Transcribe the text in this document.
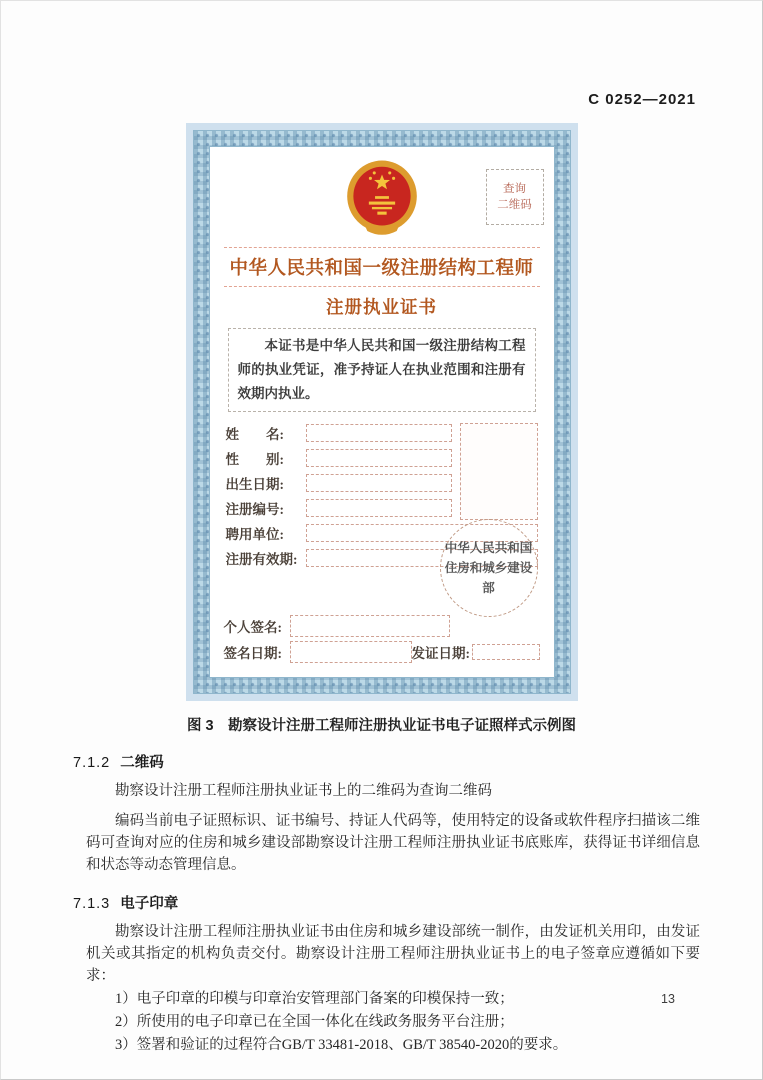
C 0252—2021
查询
二维码
中华人民共和国一级注册结构工程师
注册执业证书
本证书是中华人民共和国一级注册结构工程师的执业凭证，准予持证人在执业范围和注册有效期内执业。
姓　　名:
性　　别:
出生日期:
注册编号:
聘用单位:
注册有效期:
中华人民共和国
住房和城乡建设部
个人签名:
签名日期:	发证日期:
图 3　勘察设计注册工程师注册执业证书电子证照样式示例图
7.1.2 二维码

勘察设计注册工程师注册执业证书上的二维码为查询二维码

编码当前电子证照标识、证书编号、持证人代码等，使用特定的设备或软件程序扫描该二维码可查询对应的住房和城乡建设部勘察设计注册工程师注册执业证书底账库，获得证书详细信息和状态等动态管理信息。

7.1.3 电子印章

勘察设计注册工程师注册执业证书由住房和城乡建设部统一制作，由发证机关用印，由发证机关或其指定的机构负责交付。勘察设计注册工程师注册执业证书上的电子签章应遵循如下要求：

1）电子印章的印模与印章治安管理部门备案的印模保持一致；

2）所使用的电子印章已在全国一体化在线政务服务平台注册；

3）签署和验证的过程符合GB/T 33481-2018、GB/T 38540-2020的要求。

13
